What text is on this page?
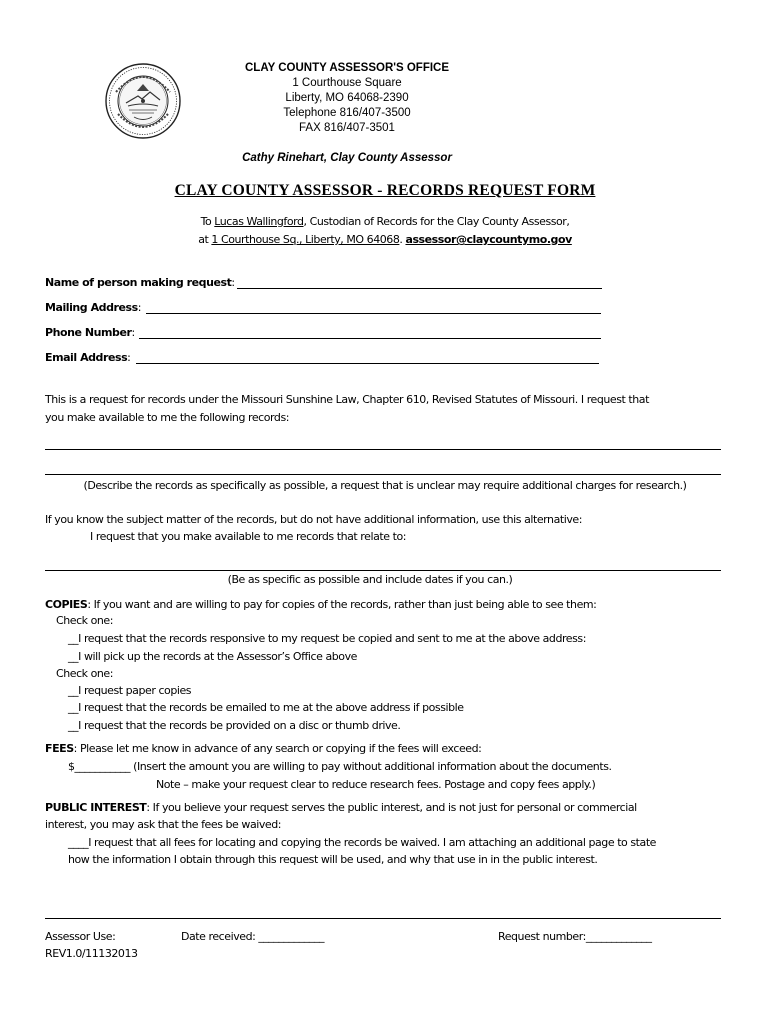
CLAY COUNTY ASSESSOR'S OFFICE
1 Courthouse Square
Liberty, MO 64068-2390
Telephone 816/407-3500
FAX 816/407-3501
Cathy Rinehart, Clay County Assessor
CLAY COUNTY ASSESSOR - RECORDS REQUEST FORM
To Lucas Wallingford, Custodian of Records for the Clay County Assessor,
at 1 Courthouse Sq., Liberty, MO 64068. assessor@claycountymo.gov
Name of person making request:
Mailing Address:
Phone Number:
Email Address:
This is a request for records under the Missouri Sunshine Law, Chapter 610, Revised Statutes of Missouri. I request that
you make available to me the following records:
(Describe the records as specifically as possible, a request that is unclear may require additional charges for research.)
If you know the subject matter of the records, but do not have additional information, use this alternative:
I request that you make available to me records that relate to:
(Be as specific as possible and include dates if you can.)
COPIES: If you want and are willing to pay for copies of the records, rather than just being able to see them:
Check one:
__I request that the records responsive to my request be copied and sent to me at the above address:
__I will pick up the records at the Assessor’s Office above
Check one:
__I request paper copies
__I request that the records be emailed to me at the above address if possible
__I request that the records be provided on a disc or thumb drive.
FEES: Please let me know in advance of any search or copying if the fees will exceed:
$___________ (Insert the amount you are willing to pay without additional information about the documents.
Note – make your request clear to reduce research fees. Postage and copy fees apply.)
PUBLIC INTEREST: If you believe your request serves the public interest, and is not just for personal or commercial
interest, you may ask that the fees be waived:
____I request that all fees for locating and copying the records be waived. I am attaching an additional page to state
how the information I obtain through this request will be used, and why that use in in the public interest.
Assessor Use:	Date received: _____________	Request number:_____________
REV1.0/11132013
